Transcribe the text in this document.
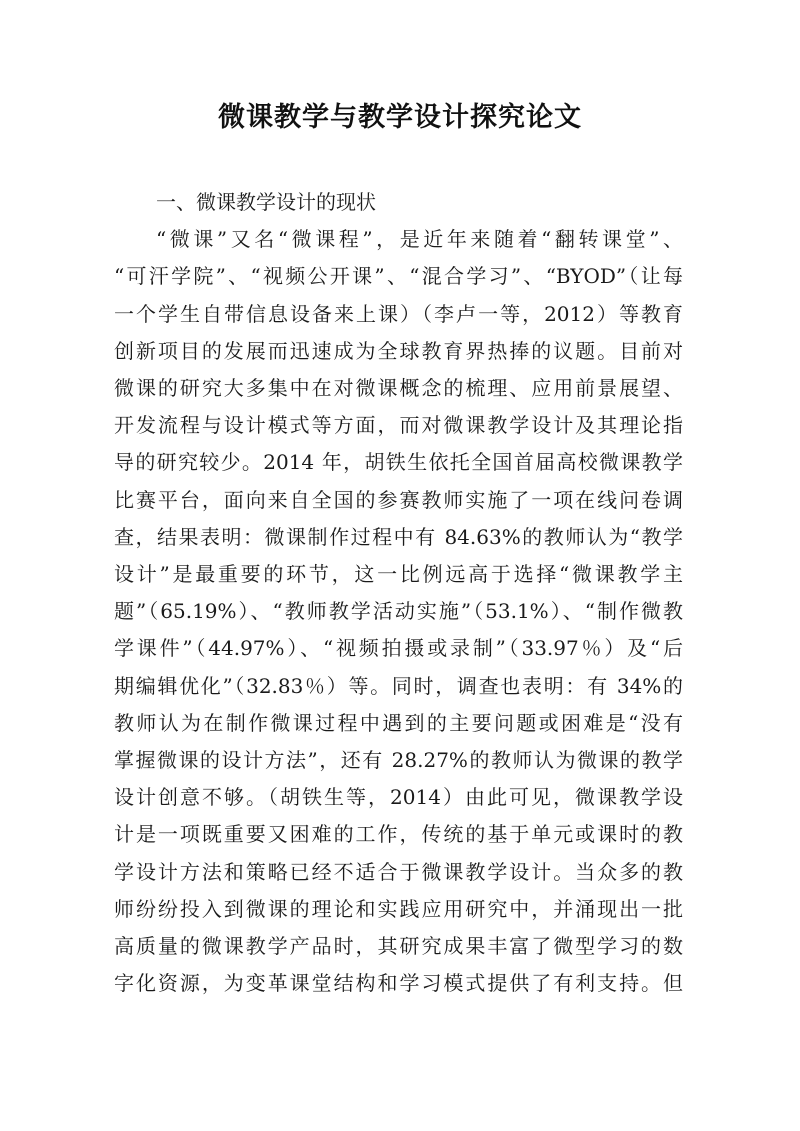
微课教学与教学设计探究论文

一、微课教学设计的现状

“微课”又名“微课程”，是近年来随着“翻转课堂”、

“可汗学院”、“视频公开课”、“混合学习”、“BYOD”（让每

一个学生自带信息设备来上课）（李卢一等，2012）等教育

创新项目的发展而迅速成为全球教育界热捧的议题。目前对

微课的研究大多集中在对微课概念的梳理、应用前景展望、

开发流程与设计模式等方面，而对微课教学设计及其理论指

导的研究较少。2014 年，胡铁生依托全国首届高校微课教学

比赛平台，面向来自全国的参赛教师实施了一项在线问卷调

查，结果表明：微课制作过程中有 84.63%的教师认为“教学

设计”是最重要的环节，这一比例远高于选择“微课教学主

题”（65.19%）、“教师教学活动实施”（53.1%）、“制作微教

学课件”（44.97%）、“视频拍摄或录制”（33.97％）及“后

期编辑优化”（32.83％）等。同时，调查也表明：有 34%的

教师认为在制作微课过程中遇到的主要问题或困难是“没有

掌握微课的设计方法”，还有 28.27%的教师认为微课的教学

设计创意不够。（胡铁生等，2014）由此可见，微课教学设

计是一项既重要又困难的工作，传统的基于单元或课时的教

学设计方法和策略已经不适合于微课教学设计。当众多的教

师纷纷投入到微课的理论和实践应用研究中，并涌现出一批

高质量的微课教学产品时，其研究成果丰富了微型学习的数

字化资源，为变革课堂结构和学习模式提供了有利支持。但
